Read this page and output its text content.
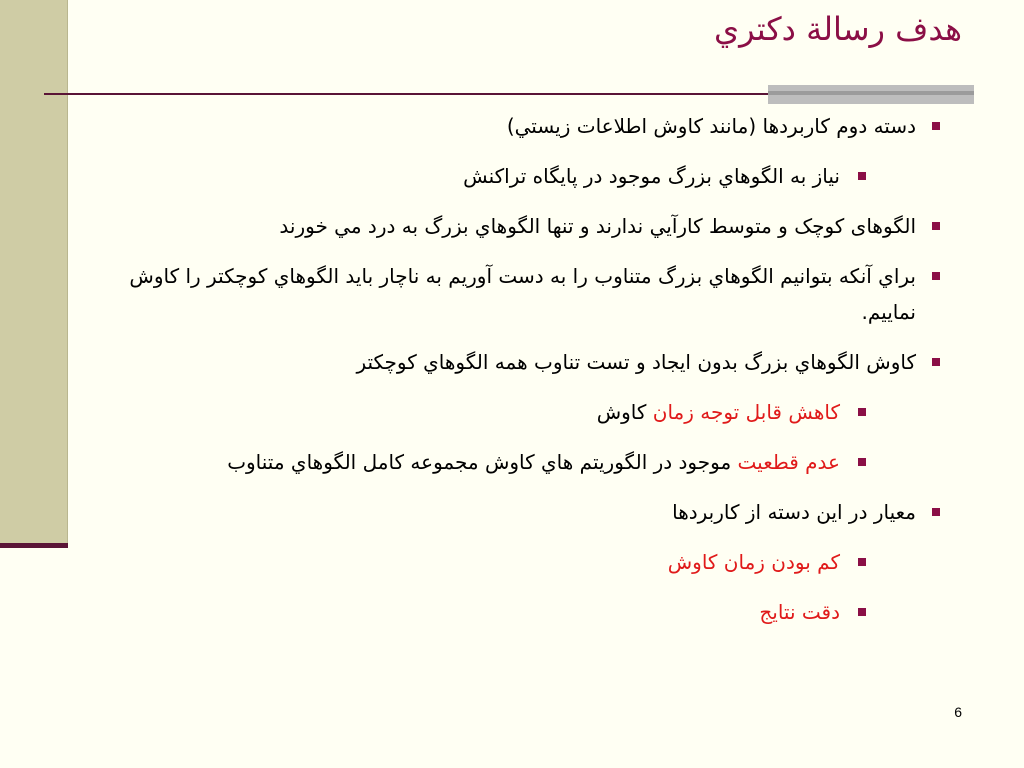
هدف رسالة دكتري
دسته دوم کاربردها (مانند کاوش اطلاعات زيستي)
نياز به الگوهاي بزرگ موجود در پايگاه تراکنش
الگوهای کوچک و متوسط کارآيي ندارند و تنها الگوهاي بزرگ به درد مي خورند
براي آنکه بتوانيم الگوهاي بزرگ متناوب را به دست آوريم به ناچار بايد الگوهاي کوچکتر را کاوش نماييم.
کاوش الگوهاي بزرگ بدون ايجاد و تست تناوب همه الگوهاي کوچکتر
کاهش قابل توجه زمان کاوش
عدم قطعيت موجود در الگوريتم هاي کاوش مجموعه کامل الگوهاي متناوب
معيار در اين دسته از کاربردها
کم بودن زمان کاوش
دقت نتايج
6
